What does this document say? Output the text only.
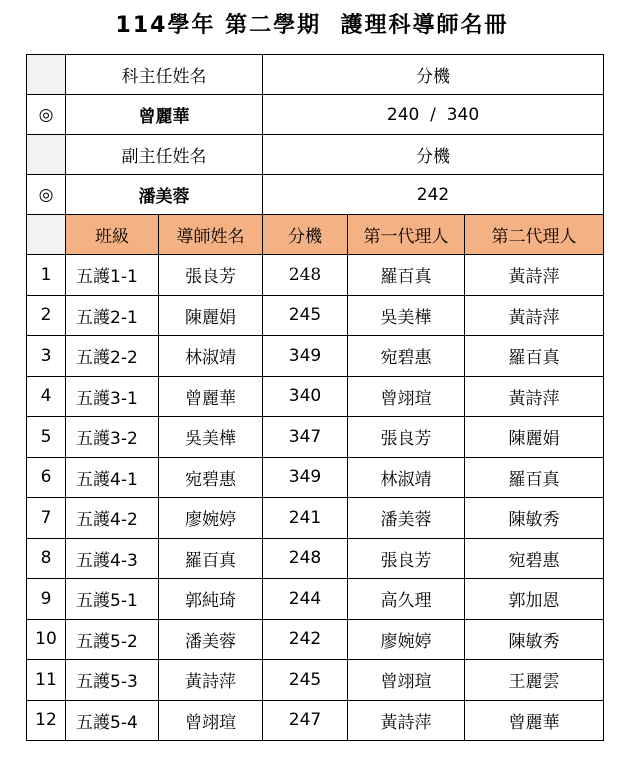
114學年 第二學期  護理科導師名冊
	科主任姓名		分機		
◎	曾麗華		240  /  340		
	副主任姓名		分機		
◎	潘美蓉		242		
	班級	導師姓名	分機	第一代理人	第二代理人
1	五護1-1	張良芳	248	羅百真	黃詩萍
2	五護2-1	陳麗娟	245	吳美樺	黃詩萍
3	五護2-2	林淑靖	349	宛碧惠	羅百真
4	五護3-1	曾麗華	340	曾翊瑄	黃詩萍
5	五護3-2	吳美樺	347	張良芳	陳麗娟
6	五護4-1	宛碧惠	349	林淑靖	羅百真
7	五護4-2	廖婉婷	241	潘美蓉	陳敏秀
8	五護4-3	羅百真	248	張良芳	宛碧惠
9	五護5-1	郭純琦	244	高久理	郭加恩
10	五護5-2	潘美蓉	242	廖婉婷	陳敏秀
11	五護5-3	黃詩萍	245	曾翊瑄	王麗雲
12	五護5-4	曾翊瑄	247	黃詩萍	曾麗華
